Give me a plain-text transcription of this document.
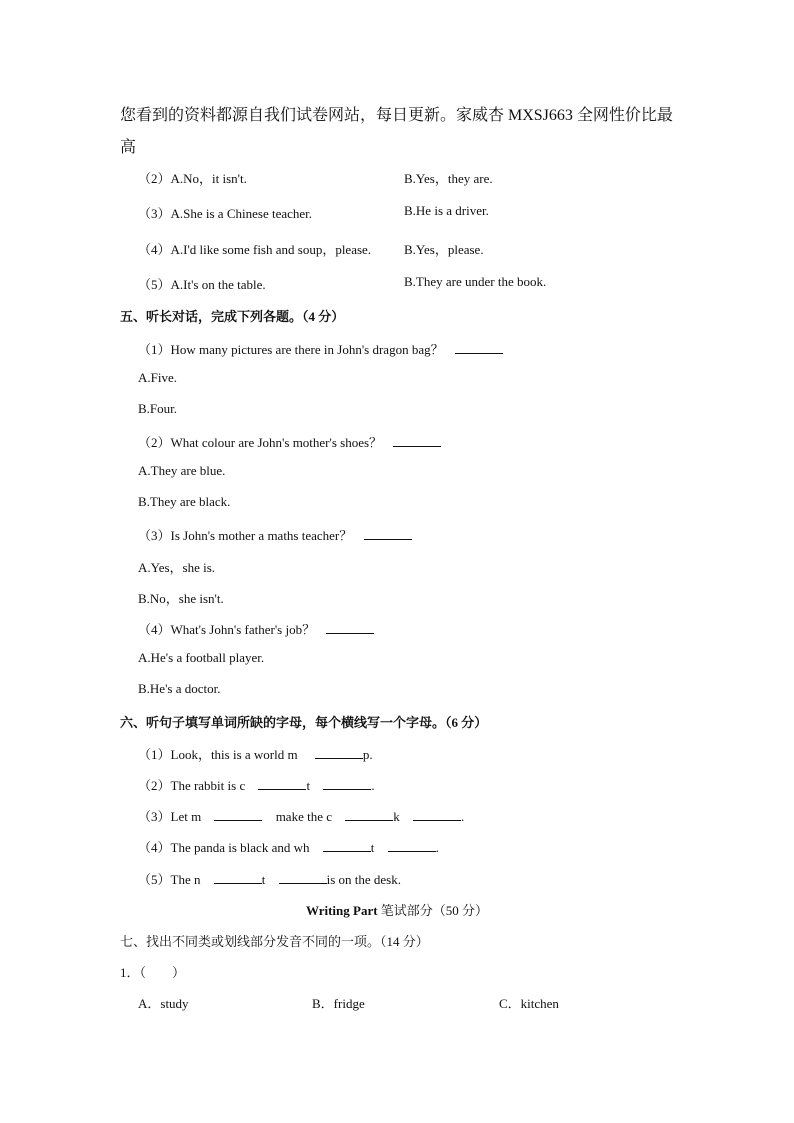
您看到的资料都源自我们试卷网站，每日更新。家威杏 MXSJ663 全网性价比最
高
（2）A.No，it isn't.	B.Yes，they are.
（3）A.She is a Chinese teacher.	B.He is a driver.
（4）A.I'd like some fish and soup，please.	B.Yes，please.
（5）A.It's on the table.	B.They are under the book.
五、听长对话，完成下列各题。（4 分）
（1）How many pictures are there in John's dragon bag？
A.Five.
B.Four.
（2）What colour are John's mother's shoes？
A.They are blue.
B.They are black.
（3）Is John's mother a maths teacher？
A.Yes，she is.
B.No，she isn't.
（4）What's John's father's job？
A.He's a football player.
B.He's a doctor.
六、听句子填写单词所缺的字母，每个横线写一个字母。（6 分）
（1）Look，this is a world m	p.
（2）The rabbit is c	t	.
（3）Let m	make the c	k	.
（4）The panda is black and wh	t	.
（5）The n	t	is on the desk.
Writing Part 笔试部分（50 分）
七、找出不同类或划线部分发音不同的一项。（14 分）
1．（　　）
A．study	B．fridge	C．kitchen
